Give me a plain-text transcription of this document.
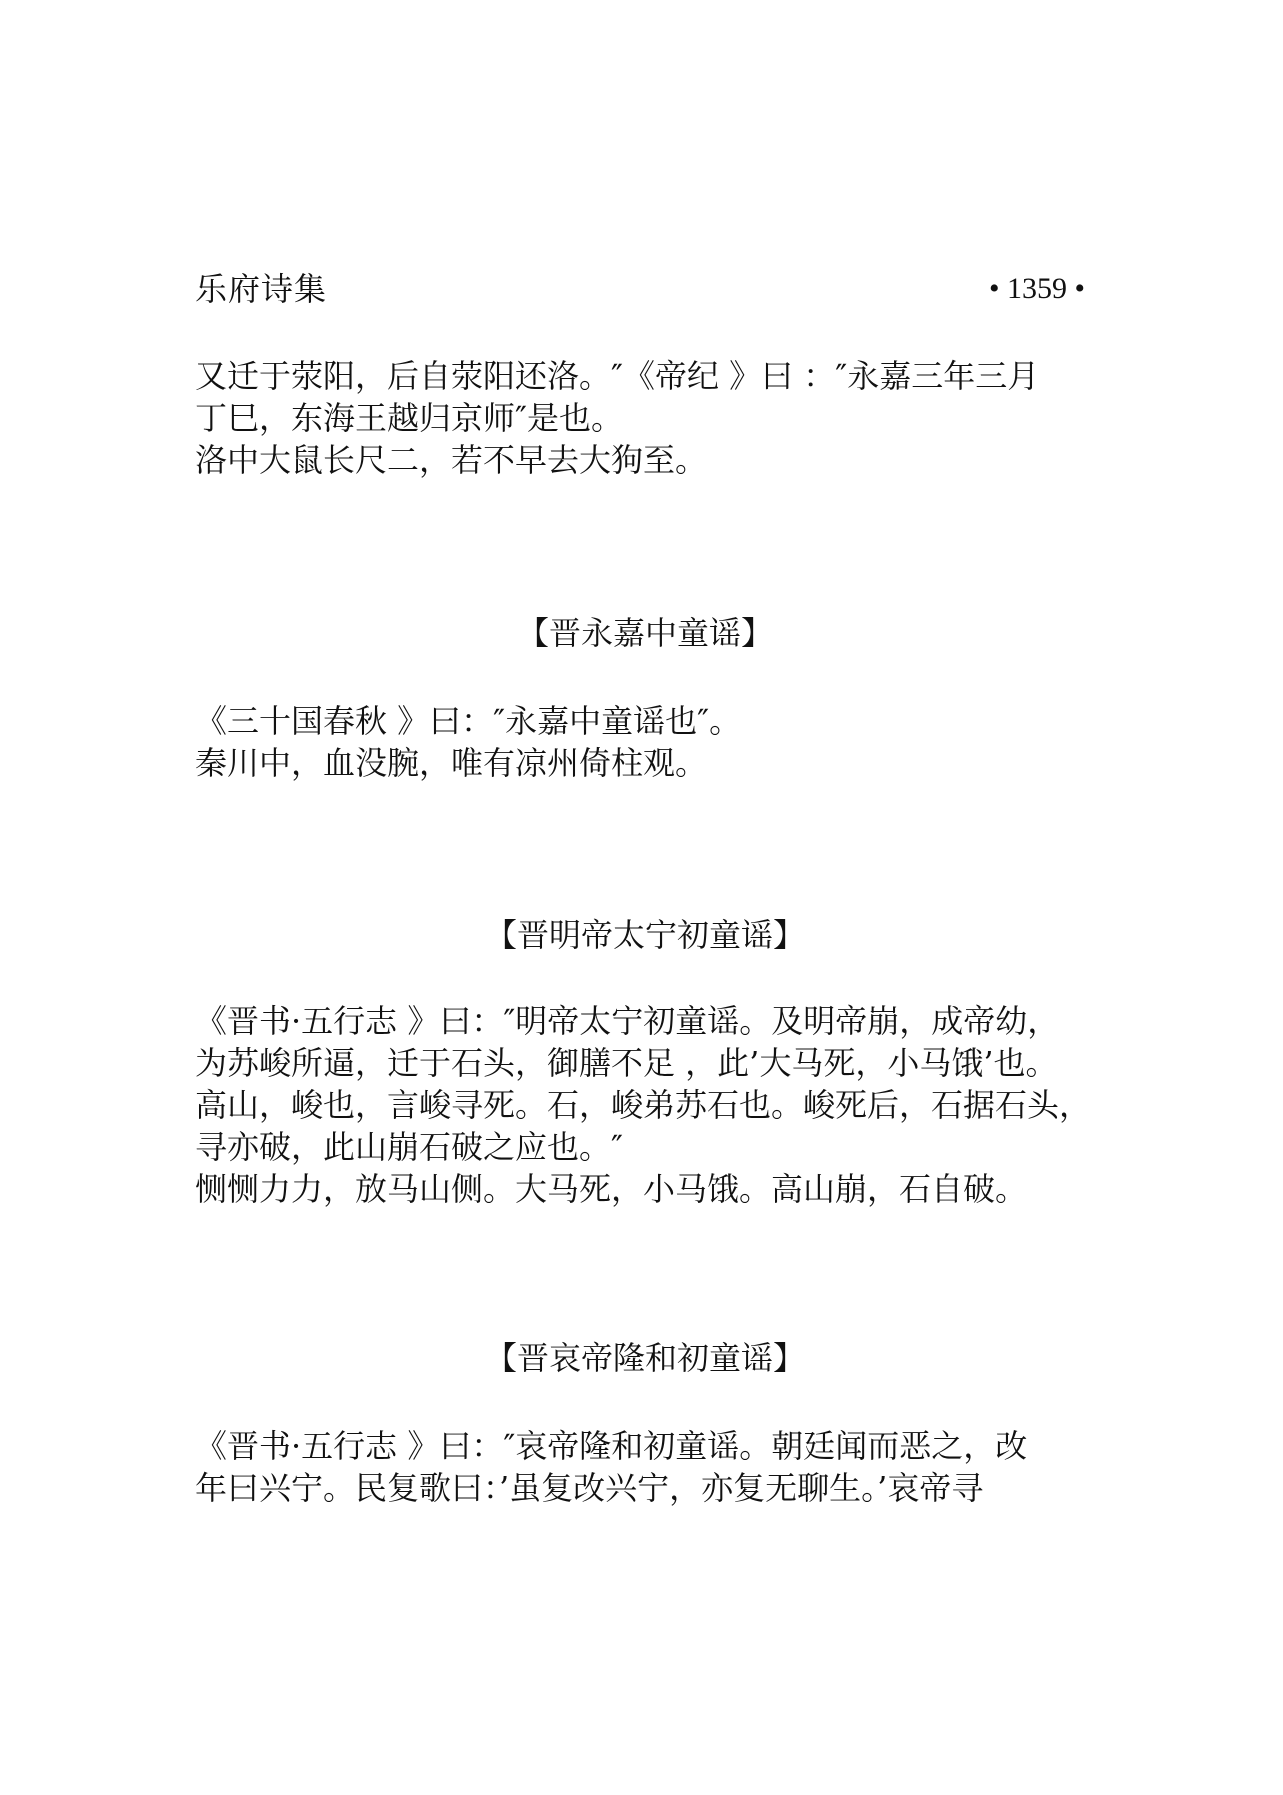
乐府诗集	• 1359 •
又迁于荥阳，后自荥阳还洛。″《帝纪 》曰 ：″永嘉三年三月
丁巳，东海王越归京师″是也。
洛中大鼠长尺二，若不早去大狗至。
【晋永嘉中童谣】
《三十国春秋 》曰：″永嘉中童谣也″。
秦川中，血没腕，唯有凉州倚柱观。
【晋明帝太宁初童谣】
《晋书·五行志 》曰：″明帝太宁初童谣。及明帝崩，成帝幼，
为苏峻所逼，迁于石头，御膳不足 ，此’大马死，小马饿’也。
高山，峻也，言峻寻死。石，峻弟苏石也。峻死后，石据石头，
寻亦破，此山崩石破之应也。″
恻恻力力，放马山侧。大马死，小马饿。高山崩，石自破。
【晋哀帝隆和初童谣】
《晋书·五行志 》曰：″哀帝隆和初童谣。朝廷闻而恶之，改
年曰兴宁。民复歌曰：’虽复改兴宁，亦复无聊生。’哀帝寻
